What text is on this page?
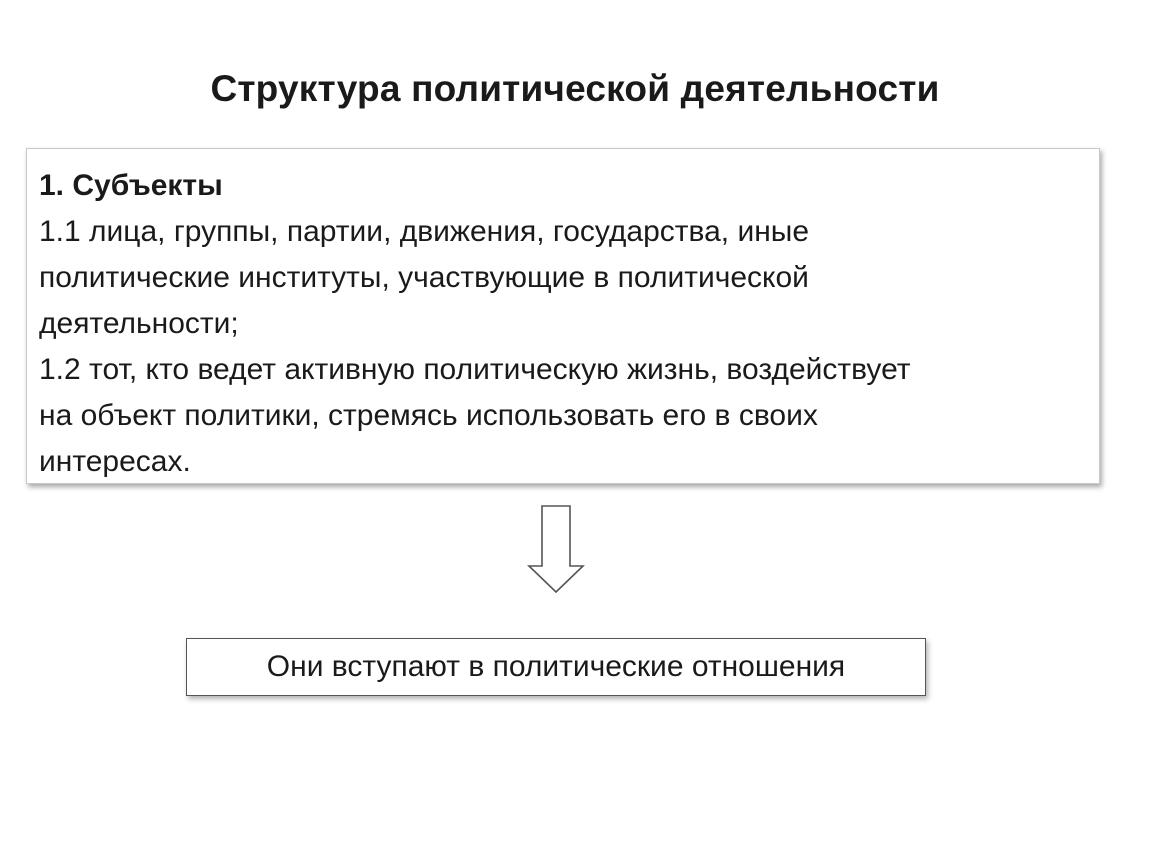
Структура политической деятельности
1. Субъекты
1.1 лица, группы, партии, движения, государства, иные
политические институты, участвующие в политической
деятельности;
1.2 тот, кто ведет активную политическую жизнь, воздействует
на объект политики, стремясь использовать его в своих
интересах.
Они вступают в политические отношения
